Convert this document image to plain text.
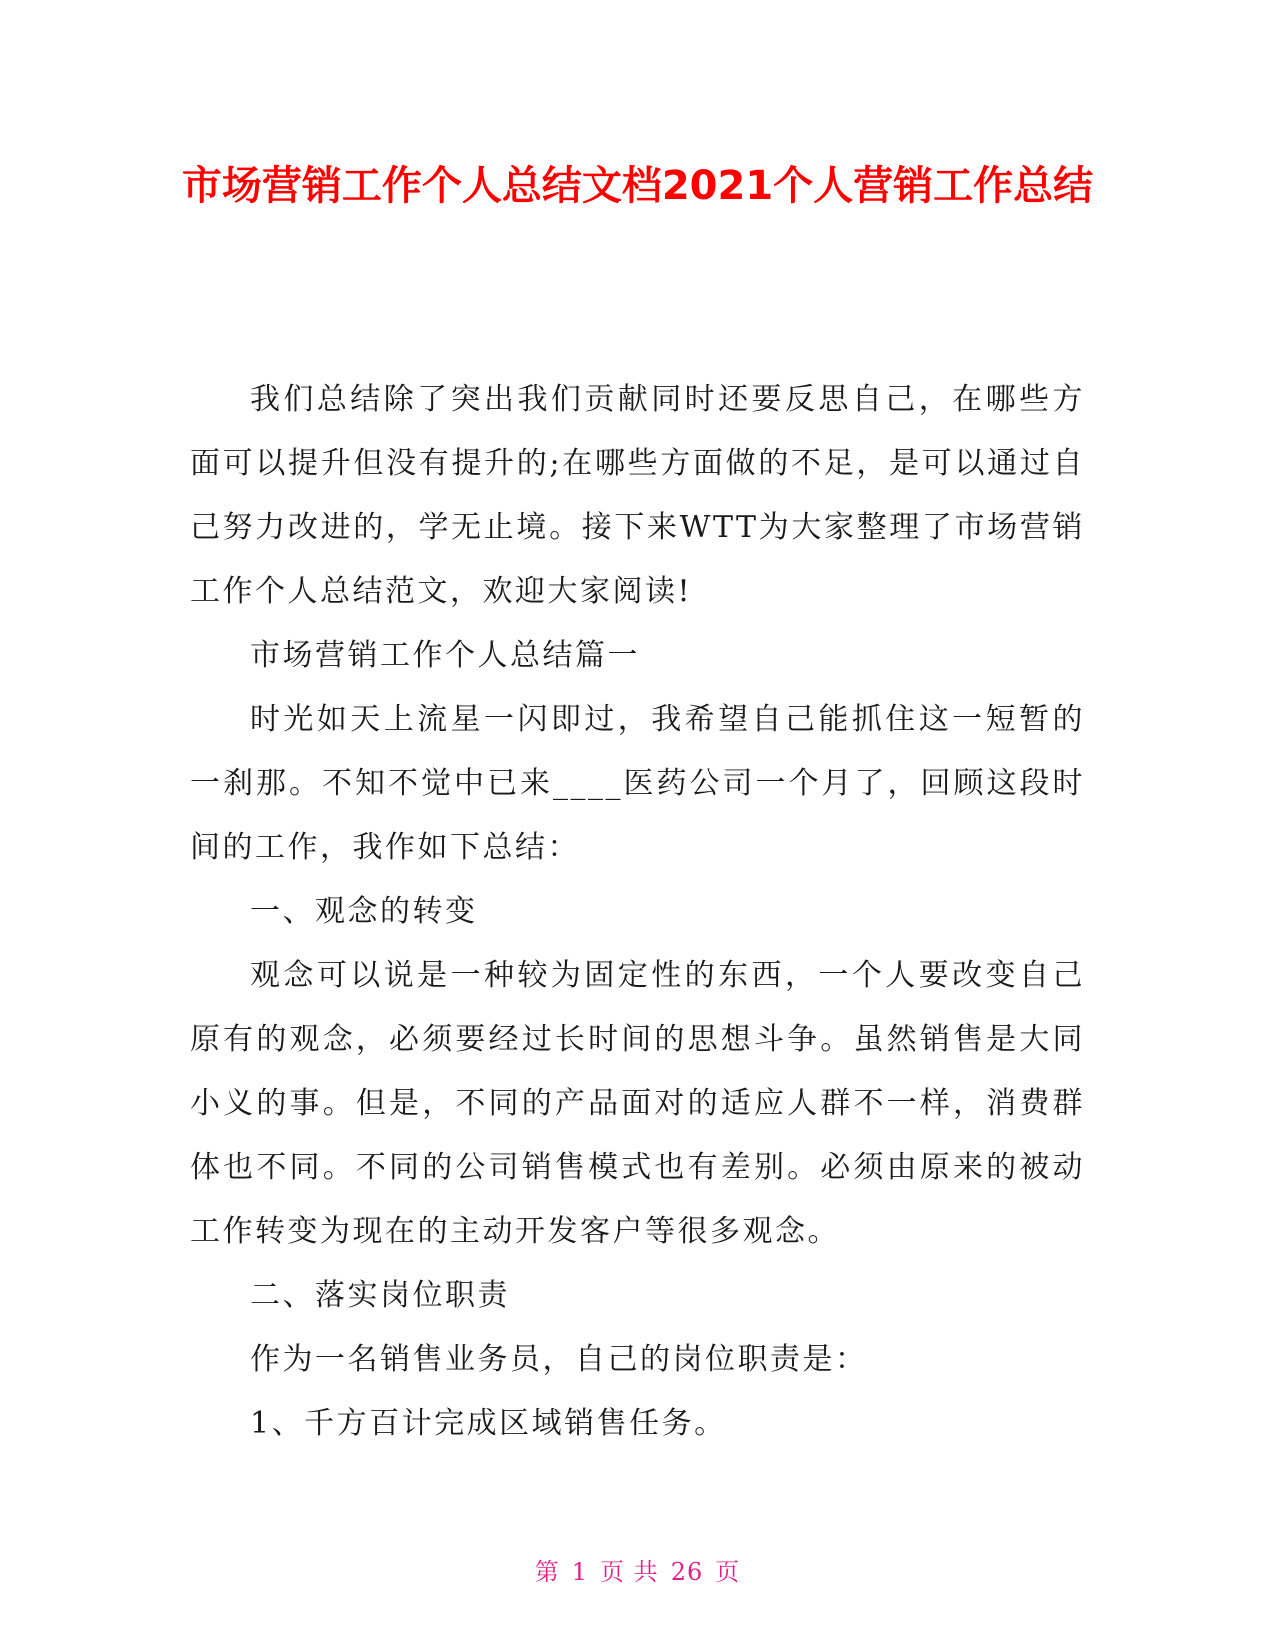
市场营销工作个人总结文档2021个人营销工作总结

我们总结除了突出我们贡献同时还要反思自己，在哪些方面可以提升但没有提升的;在哪些方面做的不足，是可以通过自己努力改进的，学无止境。接下来WTT为大家整理了市场营销工作个人总结范文，欢迎大家阅读!

市场营销工作个人总结篇一

时光如天上流星一闪即过，我希望自己能抓住这一短暂的一刹那。不知不觉中已来____医药公司一个月了，回顾这段时间的工作，我作如下总结：

一、观念的转变

观念可以说是一种较为固定性的东西，一个人要改变自己原有的观念，必须要经过长时间的思想斗争。虽然销售是大同小义的事。但是，不同的产品面对的适应人群不一样，消费群体也不同。不同的公司销售模式也有差别。必须由原来的被动工作转变为现在的主动开发客户等很多观念。

二、落实岗位职责

作为一名销售业务员，自己的岗位职责是：

1、千方百计完成区域销售任务。

第 1 页 共 26 页
